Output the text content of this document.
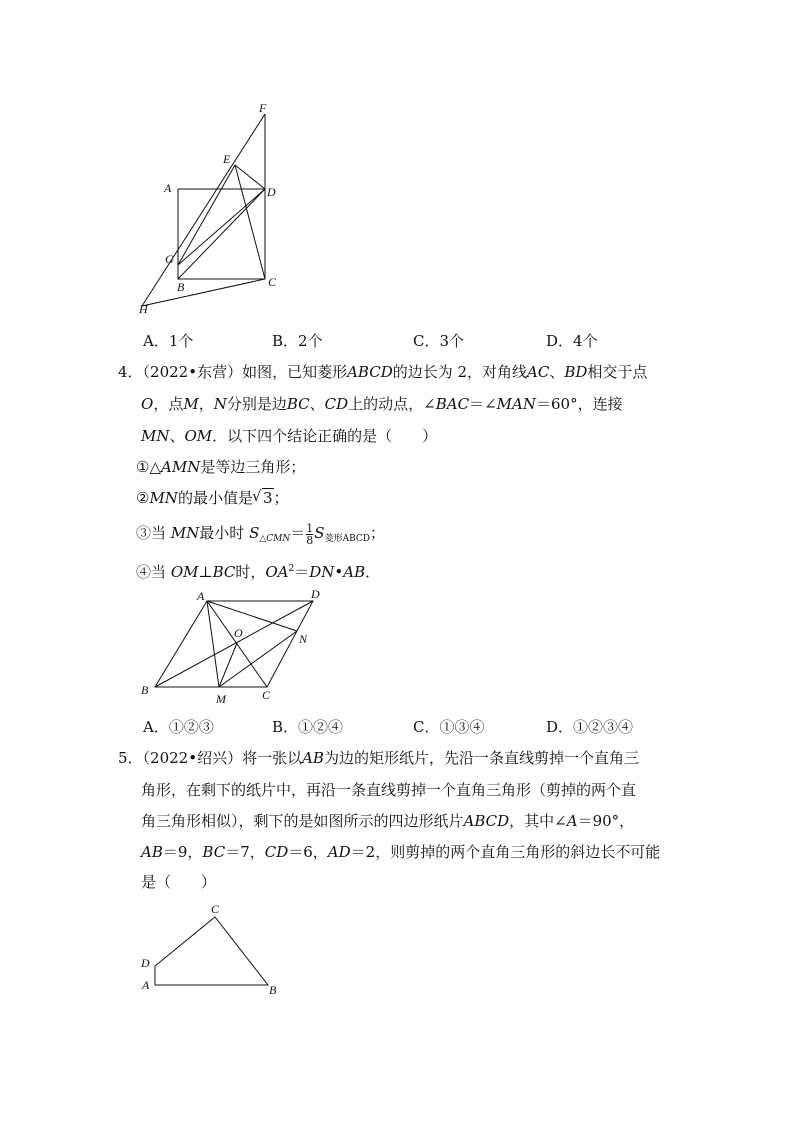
F
E
A	D
G
B	C
H
A．1个	B．2个	C．3个	D．4个
4．（2022•东营）如图，已知菱形ABCD的边长为 2，对角线AC、BD相交于点
O，点M，N分别是边BC、CD上的动点，∠BAC＝∠MAN＝60°，连接
MN、OM．以下四个结论正确的是（　　）
①△AMN是等边三角形；
②MN的最小值是√ 3；
③当 MN最小时 $S_{\triangle CMN}= \frac{1}{8} S_{菱形ABCD}$；
④当 OM⊥BC时，$OA^2=DN•AB$．
A	D
O	N
B
M	C
A．①②③	B．①②④	C．①③④	D．①②③④
5．（2022•绍兴）将一张以AB为边的矩形纸片，先沿一条直线剪掉一个直角三
角形，在剩下的纸片中，再沿一条直线剪掉一个直角三角形（剪掉的两个直
角三角形相似），剩下的是如图所示的四边形纸片ABCD，其中∠A＝90°，
AB＝9，BC＝7，CD＝6，AD＝2，则剪掉的两个直角三角形的斜边长不可能
是（　　）
C
D
A	B
